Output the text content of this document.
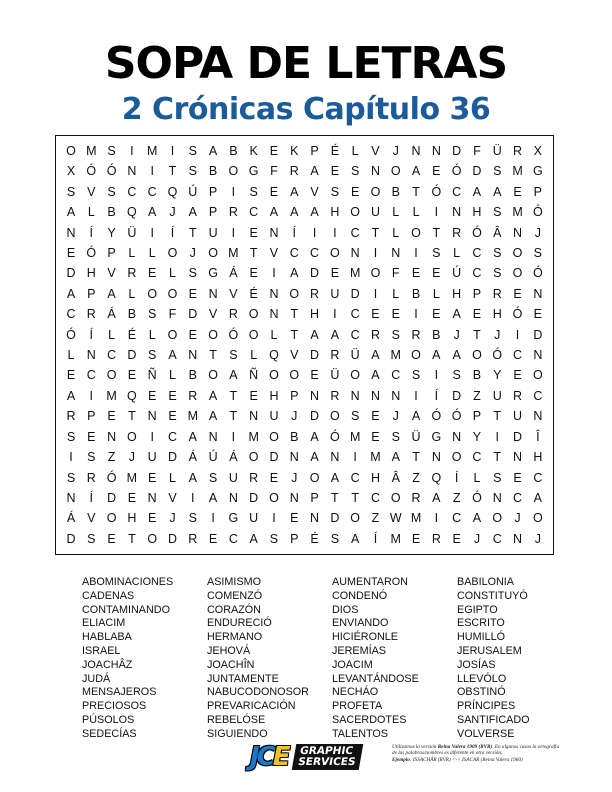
SOPA DE LETRAS
2 Crónicas Capítulo 36
O M S	I	M	I	S A B K E K P É	L	V	J	N N D F Ü R X
X Ó Ó N	I	T S B O G F R A E S N O A E Ó D S M G
S V S C C Q Ú P	I	S E A V S E O B T Ó C A A E P
A	L	B Q A	J	A P R C A A A H O U L	L	I	N H S M Ó
N	Í	Y Ü	I	Í	T U	I	E N	Í	I	I	C T	L O T R Ó Â N	J
E Ó P	L	L O J O M T V C C O N	I	N	I	S	L C S O S
D H V R E	L	S G Á E	I	A D E M O F E E Ú C S O Ó
A P A	L O O E N V É N O R U D	I	L	B	L H P R E N
C R Á B S F D V R O N T H	I	C E E	I	E A E H Ó E
Ó	Í	L	É	L O E O Ó O L	T A A C R S R B	J	T	J	I	D
L N C D S A N T S	L Q V D R Ü A M O A A O Ó C N
E C O E Ñ L	B O A Ñ O O E Ü O A C S	I	S B Y E O
A	I	M Q E E R A T E H P N R N N N	I	Í	D Z U R C
R P E T N E M A T N U	J	D O S E	J	A Ó Ó P T U N
S E N O	I	C A N	I	M O B A Ó M E S Ü G N Y	I	D	Î
I	S Z	J	U D Á Ú Á O D N A N	I	M A T N O C T N H
S R Ó M E	L	A S U R E	J O A C H Â Z Q	Í	L	S E C
N	Í	D E N V	I	A N D O N P T	T C O R A Z Ó N C A
Á V O H E	J	S	I	G U	I	E N D O Z W M	I	C A O J O
D S E T O D R E C A S P É S A	Í	M E R E	J	C N	J
ABOMINACIONES	ASIMISMO	AUMENTARON	BABILONIA
CADENAS	COMENZÓ	CONDENÓ	CONSTITUYÓ
CONTAMINANDO	CORAZÓN	DIOS	EGIPTO
ELIACIM	ENDURECIÓ	ENVIANDO	ESCRITO
HABLABA	HERMANO	HICIÉRONLE	HUMILLÓ
ISRAEL	JEHOVÁ	JEREMÍAS	JERUSALEM
JOACHÂZ	JOACHÎN	JOACIM	JOSÍAS
JUDÁ	JUNTAMENTE	LEVANTÁNDOSE	LLEVÓLO
MENSAJEROS	NABUCODONOSOR	NECHÁO	OBSTINÓ
PRECIOSOS	PREVARICACIÓN	PROFETA	PRÍNCIPES
PÚSOLOS	REBELÓSE	SACERDOTES	SANTIFICADO
SEDECÍAS	SIGUIENDO	TALENTOS	VOLVERSE
JCE GRAPHIC
SERVICES
Utilizamos la versión Reina Valera 1909 (RVR). En algunos casos la ortografía de las palabras/nombres es diferente en otra versión.
Ejemplo: ISSACHÂR (RVR) <-> ISACAR (Reina Valera 1960)
